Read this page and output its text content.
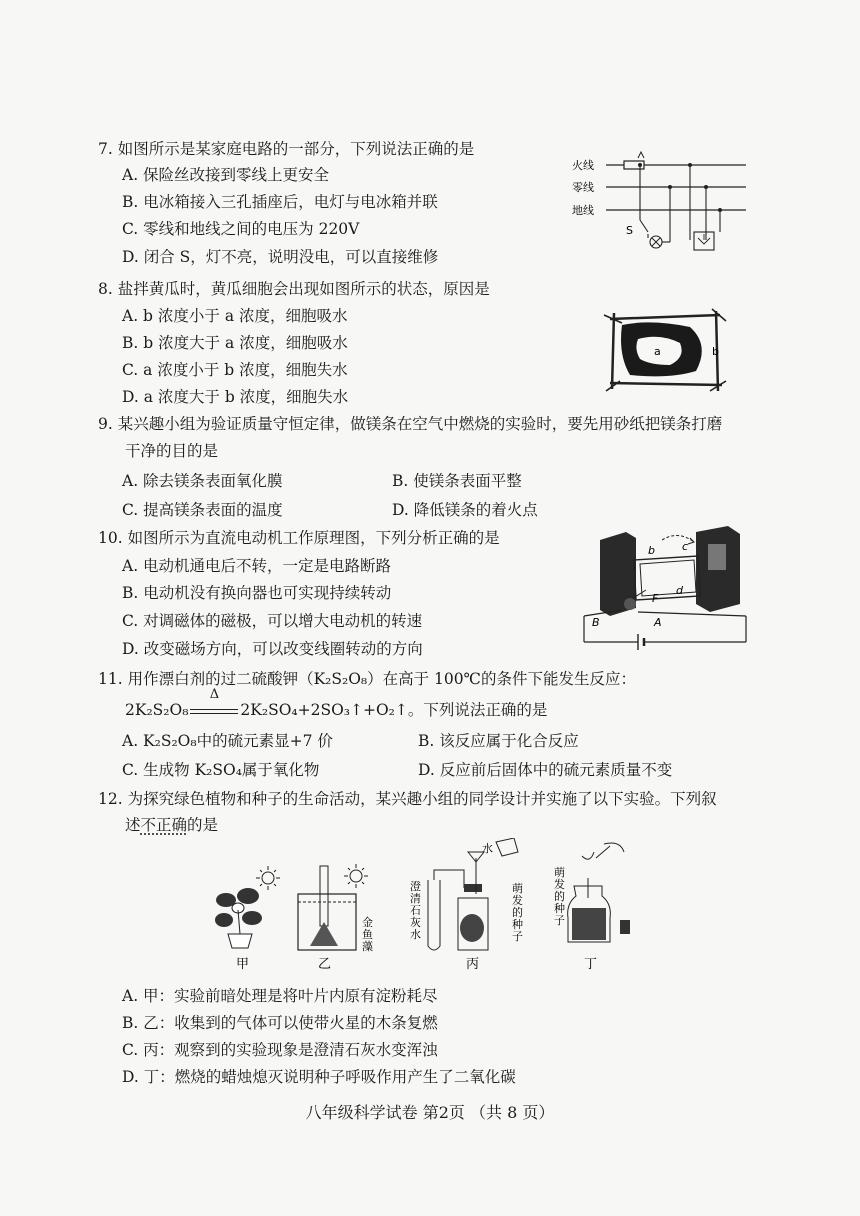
7. 如图所示是某家庭电路的一部分，下列说法正确的是
A. 保险丝改接到零线上更安全
B. 电冰箱接入三孔插座后，电灯与电冰箱并联
C. 零线和地线之间的电压为 220V
D. 闭合 S，灯不亮，说明没电，可以直接维修
火线
零线
地线
S
8. 盐拌黄瓜时，黄瓜细胞会出现如图所示的状态，原因是
A. b 浓度小于 a 浓度，细胞吸水
B. b 浓度大于 a 浓度，细胞吸水
C. a 浓度小于 b 浓度，细胞失水
D. a 浓度大于 b 浓度，细胞失水
a	b
9. 某兴趣小组为验证质量守恒定律，做镁条在空气中燃烧的实验时，要先用砂纸把镁条打磨
干净的目的是
A. 除去镁条表面氧化膜	B. 使镁条表面平整
C. 提高镁条表面的温度	D. 降低镁条的着火点
10. 如图所示为直流电动机工作原理图，下列分析正确的是
A. 电动机通电后不转，一定是电路断路
B. 电动机没有换向器也可实现持续转动
C. 对调磁体的磁极，可以增大电动机的转速
D. 改变磁场方向，可以改变线圈转动的方向
b c
d
F
B	A
11. 用作漂白剂的过二硫酸钾（K₂S₂O₈）在高于 100℃的条件下能发生反应：
2K₂S₂O₈
Δ
2K₂SO₄+2SO₃↑+O₂↑。下列说法正确的是
A. K₂S₂O₈中的硫元素显+7 价	B. 该反应属于化合反应
C. 生成物 K₂SO₄属于氧化物	D. 反应前后固体中的硫元素质量不变
12. 为探究绿色植物和种子的生命活动，某兴趣小组的同学设计并实施了以下实验。下列叙
述不正确的是
甲
金鱼藻
乙
澄清石灰水
水
萌发的种子
丙
萌发的种子
丁
A. 甲：实验前暗处理是将叶片内原有淀粉耗尽
B. 乙：收集到的气体可以使带火星的木条复燃
C. 丙：观察到的实验现象是澄清石灰水变浑浊
D. 丁：燃烧的蜡烛熄灭说明种子呼吸作用产生了二氧化碳
八年级科学试卷 第2页 （共 8 页）
